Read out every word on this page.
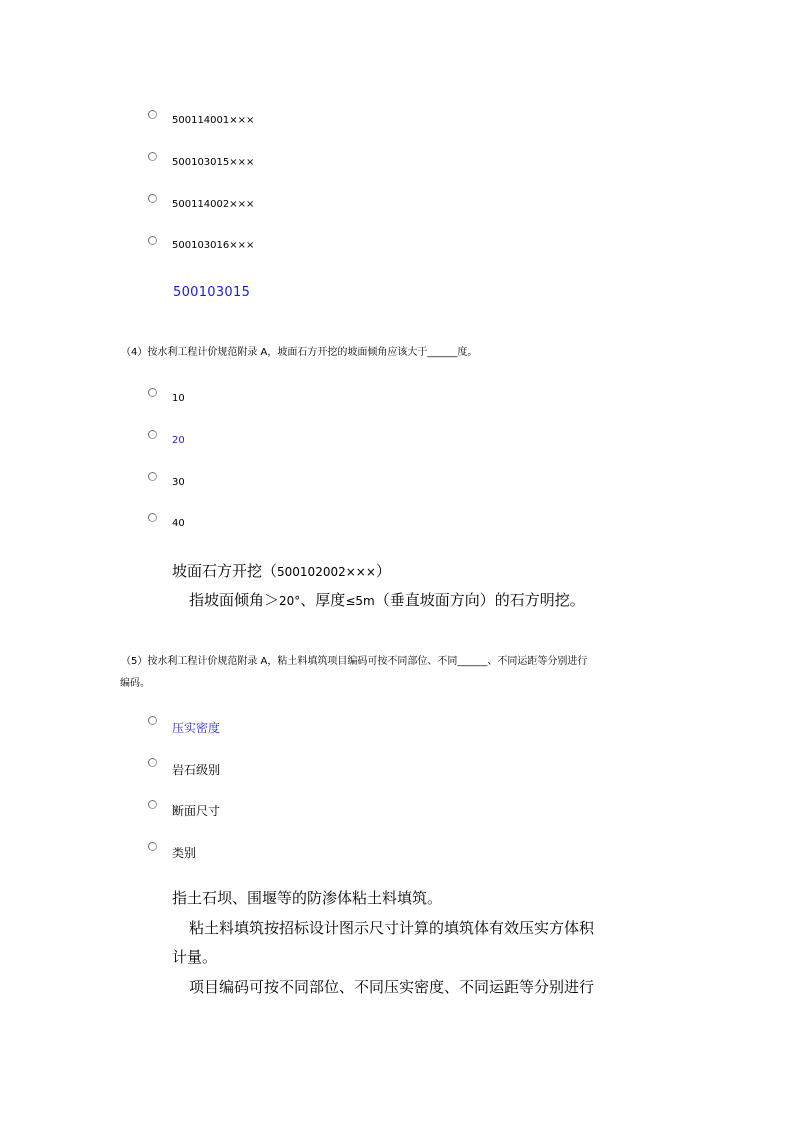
500114001×××
500103015×××
500114002×××
500103016×××
500103015
（4）按水利工程计价规范附录 A，坡面石方开挖的坡面倾角应该大于______度。
10
20
30
40
坡面石方开挖（500102002×××）
指坡面倾角＞20°、厚度≤5m（垂直坡面方向）的石方明挖。
（5）按水利工程计价规范附录 A，粘土料填筑项目编码可按不同部位、不同______、不同运距等分别进行
编码。
压实密度
岩石级别
断面尺寸
类别
指土石坝、围堰等的防渗体粘土料填筑。
粘土料填筑按招标设计图示尺寸计算的填筑体有效压实方体积
计量。
项目编码可按不同部位、不同压实密度、不同运距等分别进行
